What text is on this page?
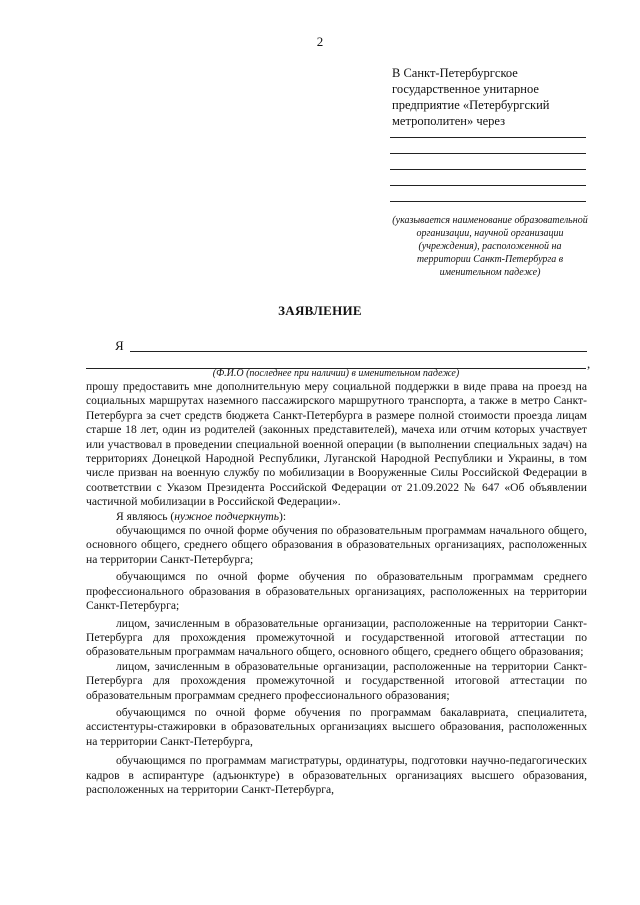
2
В Санкт-Петербургское
государственное унитарное
предприятие «Петербургский
метрополитен» через
(указывается наименование образовательной организации, научной организации (учреждения), расположенной на территории Санкт-Петербурга в именительном падеже)
ЗАЯВЛЕНИЕ
Я
,
(Ф.И.О (последнее при наличии) в именительном падеже)

прошу предоставить мне дополнительную меру социальной поддержки в виде права на проезд на социальных маршрутах наземного пассажирского маршрутного транспорта, а также в метро Санкт-Петербурга за счет средств бюджета Санкт-Петербурга в размере полной стоимости проезда лицам старше 18 лет, один из родителей (законных представителей), мачеха или отчим которых участвует или участвовал в проведении специальной военной операции (в выполнении специальных задач) на территориях Донецкой Народной Республики, Луганской Народной Республики и Украины, в том числе призван на военную службу по мобилизации в Вооруженные Силы Российской Федерации в соответствии с Указом Президента Российской Федерации от 21.09.2022 № 647 «Об объявлении частичной мобилизации в Российской Федерации».

Я являюсь (нужное подчеркнуть):

обучающимся по очной форме обучения по образовательным программам начального общего, основного общего, среднего общего образования в образовательных организациях, расположенных на территории Санкт-Петербурга;

обучающимся по очной форме обучения по образовательным программам среднего профессионального образования в образовательных организациях, расположенных на территории Санкт-Петербурга;

лицом, зачисленным в образовательные организации, расположенные на территории Санкт-Петербурга для прохождения промежуточной и государственной итоговой аттестации по образовательным программам начального общего, основного общего, среднего общего образования;

лицом, зачисленным в образовательные организации, расположенные на территории Санкт-Петербурга для прохождения промежуточной и государственной итоговой аттестации по образовательным программам среднего профессионального образования;

обучающимся по очной форме обучения по программам бакалавриата, специалитета, ассистентуры-стажировки в образовательных организациях высшего образования, расположенных на территории Санкт-Петербурга,

обучающимся по программам магистратуры, ординатуры, подготовки научно-педагогических кадров в аспирантуре (адъюнктуре) в образовательных организациях высшего образования, расположенных на территории Санкт-Петербурга,
